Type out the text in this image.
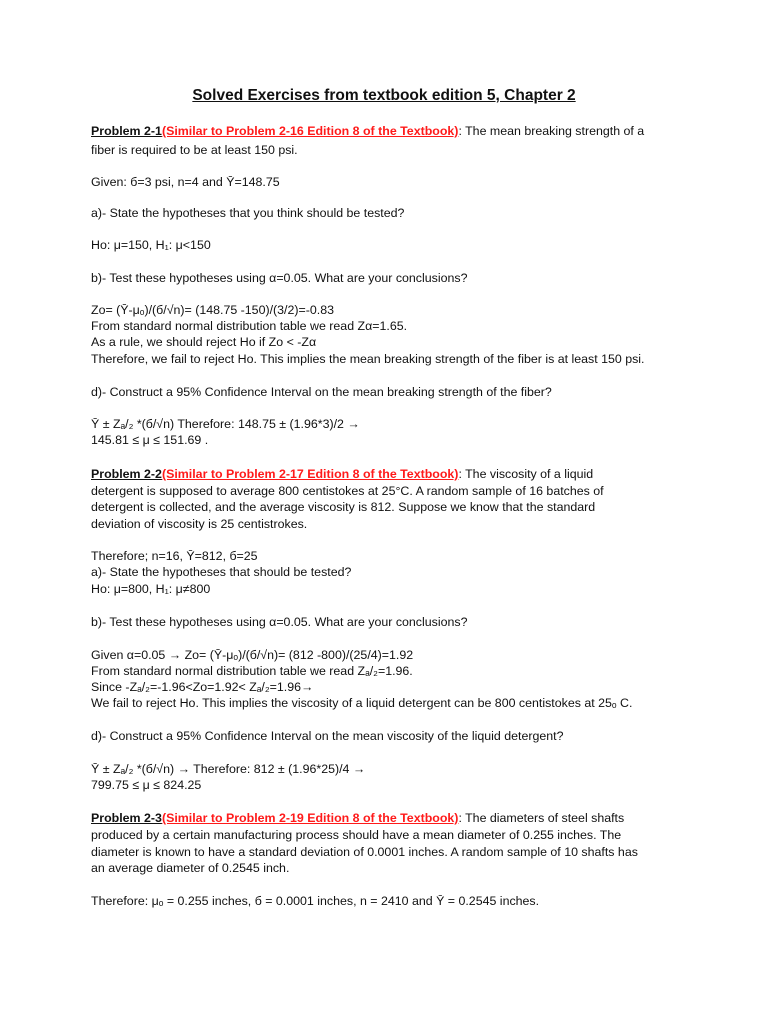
Solved Exercises from textbook edition 5, Chapter 2
Problem 2-1(Similar to Problem 2-16 Edition 8 of the Textbook): The mean breaking strength of a
fiber is required to be at least 150 psi.
Given: б=3 psi, n=4 and Ȳ=148.75
a)- State the hypotheses that you think should be tested?
Ho: μ=150, H₁: μ<150
b)- Test these hypotheses using α=0.05. What are your conclusions?
Zo= (Ȳ-μₒ)/(б/√n)= (148.75 -150)/(3/2)=-0.83
From standard normal distribution table we read Zα=1.65.
As a rule, we should reject Ho if Zo < -Zα
Therefore, we fail to reject Ho. This implies the mean breaking strength of the fiber is at least 150 psi.
d)- Construct a 95% Confidence Interval on the mean breaking strength of the fiber?
Ȳ ± Zₐ/₂ *(б/√n) Therefore: 148.75 ± (1.96*3)/2 →
145.81 ≤ μ ≤ 151.69 .
Problem 2-2(Similar to Problem 2-17 Edition 8 of the Textbook): The viscosity of a liquid
detergent is supposed to average 800 centistokes at 25°C. A random sample of 16 batches of
detergent is collected, and the average viscosity is 812. Suppose we know that the standard
deviation of viscosity is 25 centistrokes.
Therefore; n=16, Ȳ=812, б=25
a)- State the hypotheses that should be tested?
Ho: μ=800, H₁: μ≠800
b)- Test these hypotheses using α=0.05. What are your conclusions?
Given α=0.05 → Zo= (Ȳ-μₒ)/(б/√n)= (812 -800)/(25/4)=1.92
From standard normal distribution table we read Zₐ/₂=1.96.
Since -Zₐ/₂=-1.96<Zo=1.92< Zₐ/₂=1.96→
We fail to reject Ho. This implies the viscosity of a liquid detergent can be 800 centistokes at 25ₒ C.
d)- Construct a 95% Confidence Interval on the mean viscosity of the liquid detergent?
Ȳ ± Zₐ/₂ *(б/√n) → Therefore: 812 ± (1.96*25)/4 →
799.75 ≤ μ ≤ 824.25
Problem 2-3(Similar to Problem 2-19 Edition 8 of the Textbook): The diameters of steel shafts
produced by a certain manufacturing process should have a mean diameter of 0.255 inches. The
diameter is known to have a standard deviation of 0.0001 inches. A random sample of 10 shafts has
an average diameter of 0.2545 inch.
Therefore: μₒ = 0.255 inches, б = 0.0001 inches, n = 2410 and Ȳ = 0.2545 inches.
